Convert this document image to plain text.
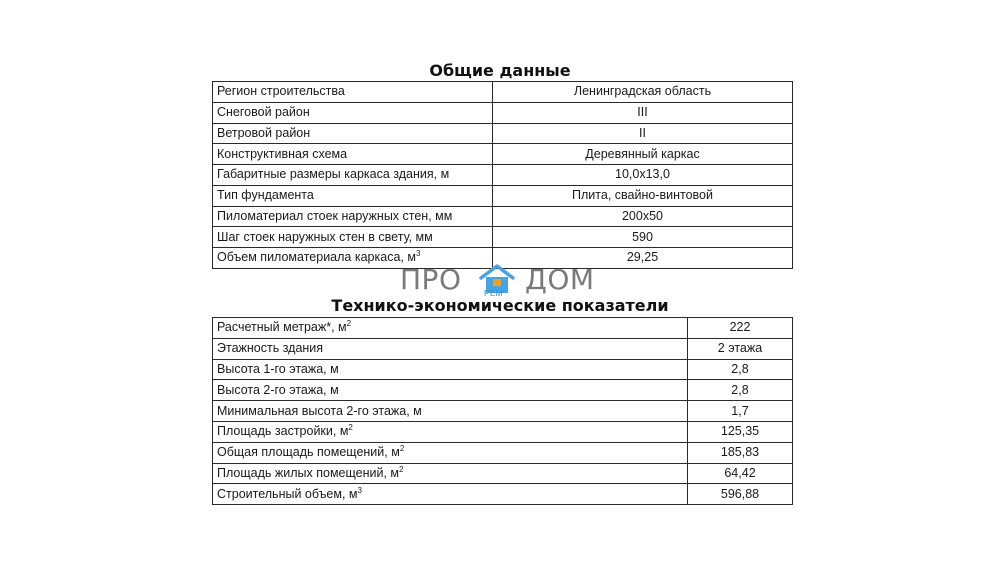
Общие данные
Регион строительства	Ленинградская область
Снеговой район	III
Ветровой район	II
Конструктивная схема	Деревянный каркас
Габаритные размеры каркаса здания, м	10,0х13,0
Тип фундамента	Плита, свайно-винтовой
Пиломатериал стоек наружных стен, мм	200х50
Шаг стоек наружных стен в свету, мм	590
Объем пиломатериала каркаса, $м^3$	29,25
ПРО	РЕМ ДОМ
Технико-экономические показатели
Расчетный метраж*, $м^2$	222
Этажность здания	2 этажа
Высота 1-го этажа, м	2,8
Высота 2-го этажа, м	2,8
Минимальная высота 2-го этажа, м	1,7
Площадь застройки, $м^2$	125,35
Общая площадь помещений, $м^2$	185,83
Площадь жилых помещений, $м^2$	64,42
Строительный объем, $м^3$	596,88
